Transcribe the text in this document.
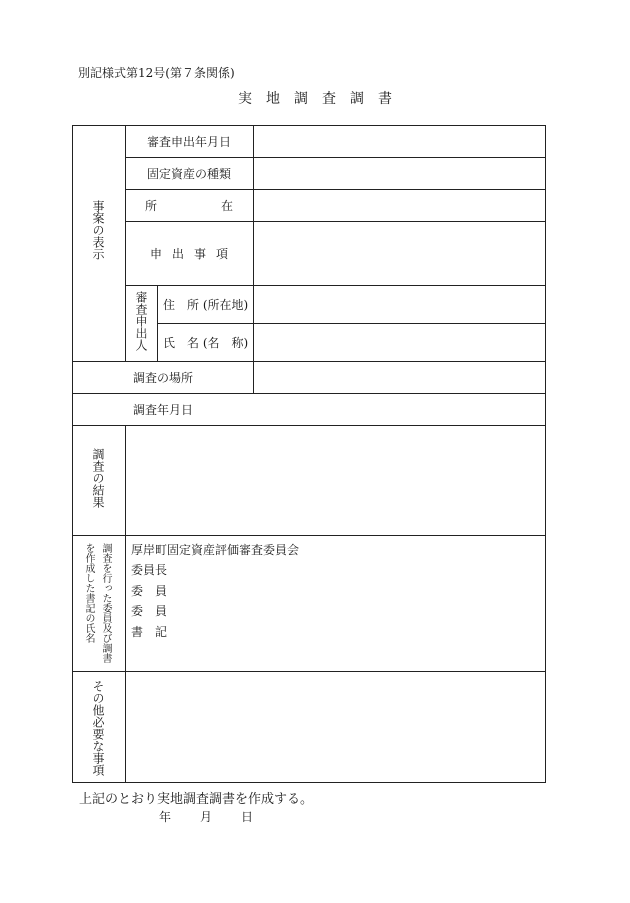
別記様式第12号(第７条関係)
実地調査調書
事案の表示
審査申出年月日
固定資産の種類
所	在
申出事項
審査申出人 住　所 (所在地)
氏　名 (名　称)
調査の場所
調査年月日
調査の結果
調査を行った委員及び調書
を作成した書記の氏名	厚岸町固定資産評価審査委員会
委員長
委　員
委　員
書　記
その他必要な事項
上記のとおり実地調査調書を作成する。
年 月 日
